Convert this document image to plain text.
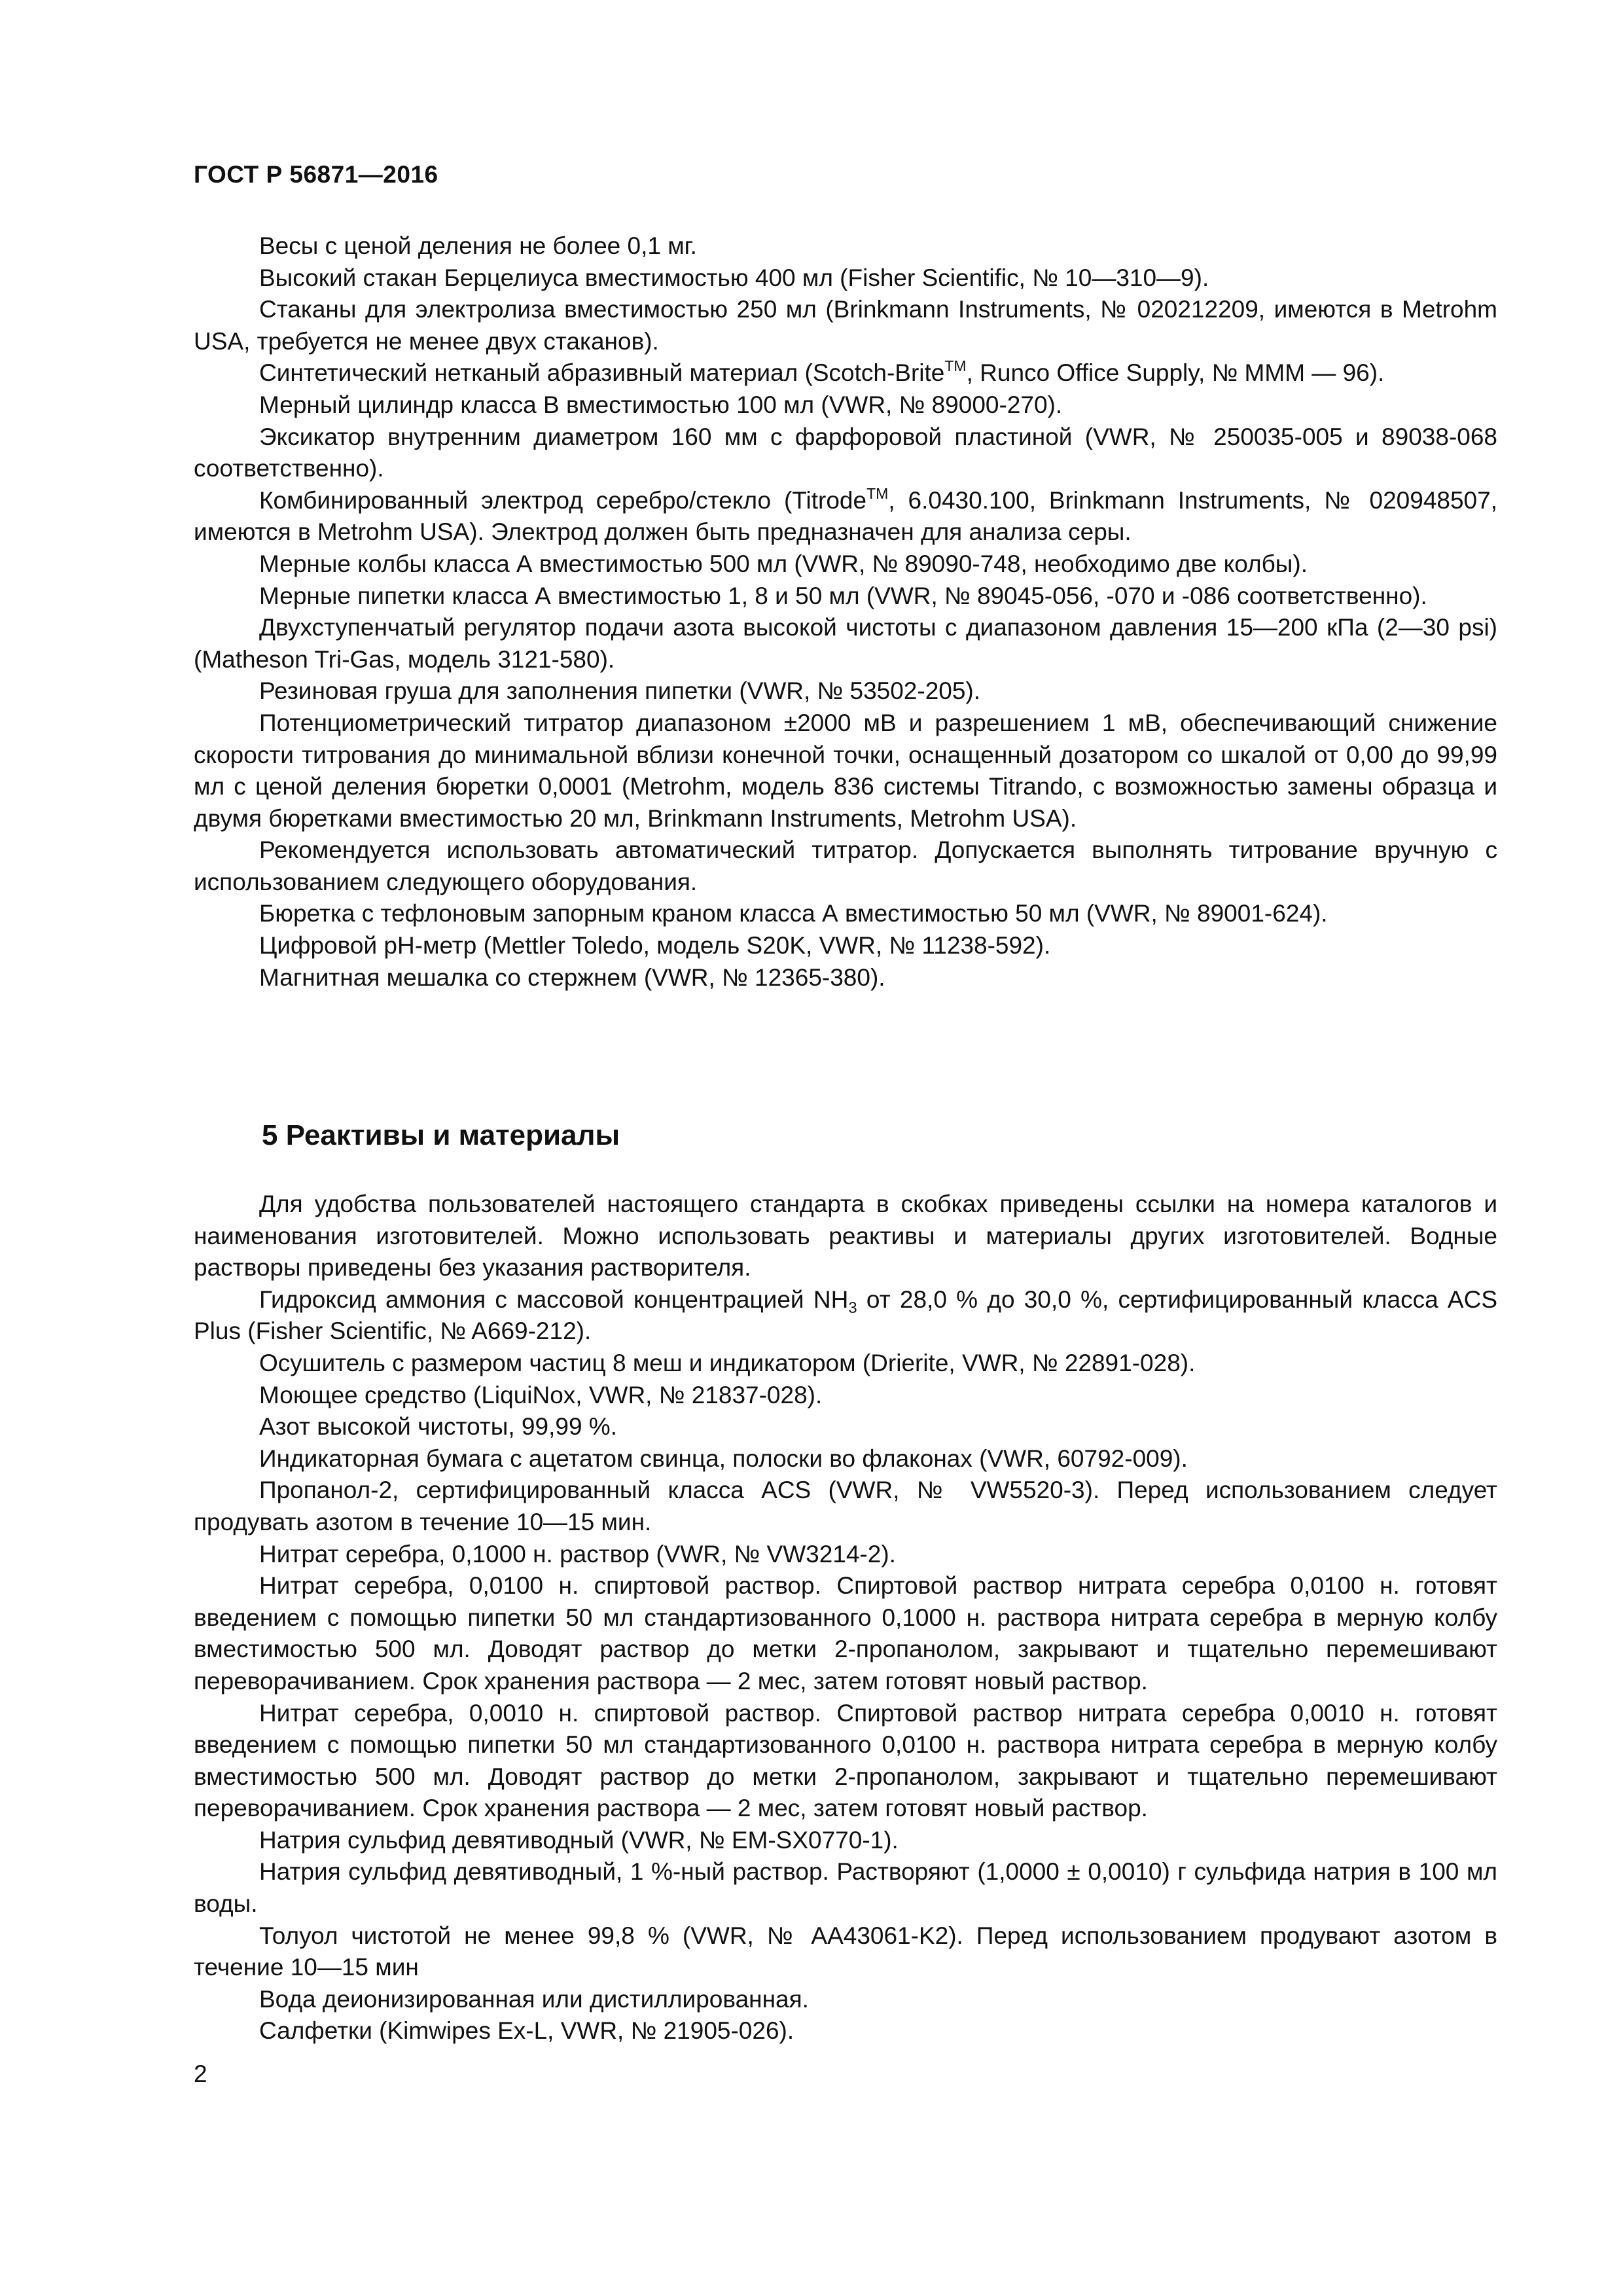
ГОСТ Р 56871—2016

Весы с ценой деления не более 0,1 мг.

Высокий стакан Берцелиуса вместимостью 400 мл (Fisher Scientific, № 10—310—9).

Стаканы для электролиза вместимостью 250 мл (Brinkmann Instruments, № 020212209, имеются в Metrohm USA, требуется не менее двух стаканов).

Синтетический нетканый абразивный материал (Scotch-Brite™, Runco Office Supply, № МММ — 96).

Мерный цилиндр класса В вместимостью 100 мл (VWR, № 89000-270).

Эксикатор внутренним диаметром 160 мм с фарфоровой пластиной (VWR, № 250035-005 и 89038-068 соответственно).

Комбинированный электрод серебро/стекло (Titrode™, 6.0430.100, Brinkmann Instruments, № 020948507, имеются в Metrohm USA). Электрод должен быть предназначен для анализа серы.

Мерные колбы класса А вместимостью 500 мл (VWR, № 89090-748, необходимо две колбы).

Мерные пипетки класса А вместимостью 1, 8 и 50 мл (VWR, № 89045-056, -070 и -086 соответственно).

Двухступенчатый регулятор подачи азота высокой чистоты с диапазоном давления 15—200 кПа (2—30 psi) (Matheson Tri-Gas, модель 3121-580).

Резиновая груша для заполнения пипетки (VWR, № 53502-205).

Потенциометрический титратор диапазоном ±2000 мВ и разрешением 1 мВ, обеспечивающий снижение скорости титрования до минимальной вблизи конечной точки, оснащенный дозатором со шкалой от 0,00 до 99,99 мл с ценой деления бюретки 0,0001 (Metrohm, модель 836 системы Titrando, с возможностью замены образца и двумя бюретками вместимостью 20 мл, Brinkmann Instruments, Metrohm USA).

Рекомендуется использовать автоматический титратор. Допускается выполнять титрование вручную с использованием следующего оборудования.

Бюретка с тефлоновым запорным краном класса А вместимостью 50 мл (VWR, № 89001-624).

Цифровой pH-метр (Mettler Toledo, модель S20K, VWR, № 11238-592).

Магнитная мешалка со стержнем (VWR, № 12365-380).

5 Реактивы и материалы

Для удобства пользователей настоящего стандарта в скобках приведены ссылки на номера каталогов и наименования изготовителей. Можно использовать реактивы и материалы других изготовителей. Водные растворы приведены без указания растворителя.

Гидроксид аммония с массовой концентрацией $NH_3$ от 28,0 % до 30,0 %, сертифицированный класса ACS Plus (Fisher Scientific, № A669-212).

Осушитель с размером частиц 8 меш и индикатором (Drierite, VWR, № 22891-028).

Моющее средство (LiquiNox, VWR, № 21837-028).

Азот высокой чистоты, 99,99 %.

Индикаторная бумага с ацетатом свинца, полоски во флаконах (VWR, 60792-009).

Пропанол-2, сертифицированный класса ACS (VWR, № VW5520-3). Перед использованием следует продувать азотом в течение 10—15 мин.

Нитрат серебра, 0,1000 н. раствор (VWR, № VW3214-2).

Нитрат серебра, 0,0100 н. спиртовой раствор. Спиртовой раствор нитрата серебра 0,0100 н. готовят введением с помощью пипетки 50 мл стандартизованного 0,1000 н. раствора нитрата серебра в мерную колбу вместимостью 500 мл. Доводят раствор до метки 2-пропанолом, закрывают и тщательно перемешивают переворачиванием. Срок хранения раствора — 2 мес, затем готовят новый раствор.

Нитрат серебра, 0,0010 н. спиртовой раствор. Спиртовой раствор нитрата серебра 0,0010 н. готовят введением с помощью пипетки 50 мл стандартизованного 0,0100 н. раствора нитрата серебра в мерную колбу вместимостью 500 мл. Доводят раствор до метки 2-пропанолом, закрывают и тщательно перемешивают переворачиванием. Срок хранения раствора — 2 мес, затем готовят новый раствор.

Натрия сульфид девятиводный (VWR, № EM-SX0770-1).

Натрия сульфид девятиводный, 1 %-ный раствор. Растворяют (1,0000 ± 0,0010) г сульфида натрия в 100 мл воды.

Толуол чистотой не менее 99,8 % (VWR, № AA43061-K2). Перед использованием продувают азотом в течение 10—15 мин

Вода деионизированная или дистиллированная.

Салфетки (Kimwipes Ex-L, VWR, № 21905-026).

2
